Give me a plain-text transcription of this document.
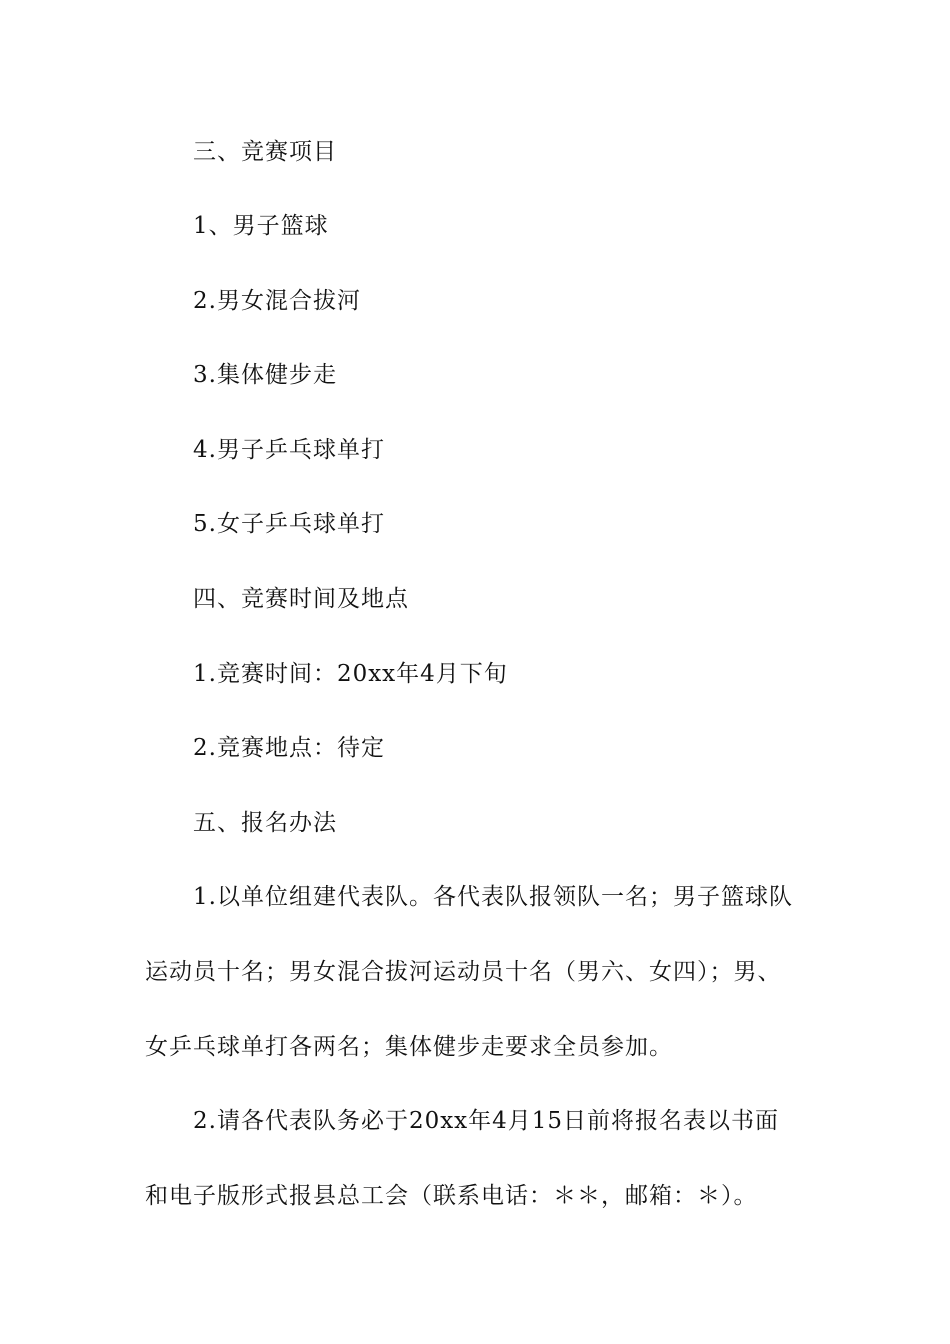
三、竞赛项目

1、男子篮球

2.男女混合拔河

3.集体健步走

4.男子乒乓球单打

5.女子乒乓球单打

四、竞赛时间及地点

1.竞赛时间：20xx年4月下旬

2.竞赛地点：待定

五、报名办法

1.以单位组建代表队。各代表队报领队一名；男子篮球队

运动员十名；男女混合拔河运动员十名（男六、女四）；男、

女乒乓球单打各两名；集体健步走要求全员参加。

2.请各代表队务必于20xx年4月15日前将报名表以书面

和电子版形式报县总工会（联系电话：＊＊，邮箱：＊）。
